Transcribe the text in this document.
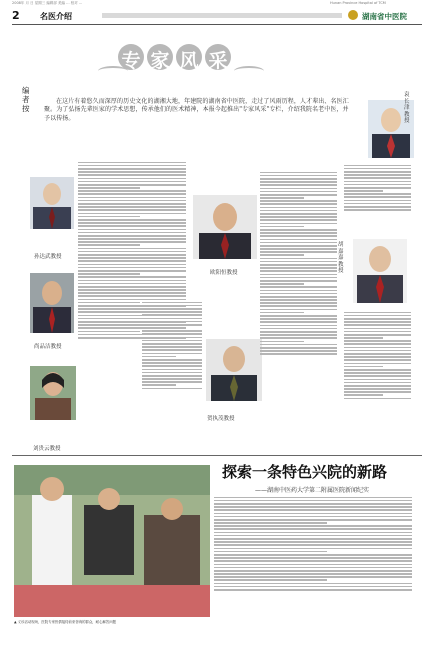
2008年 月 日 星期三 编辑部 美编 … 校对 …	Hunan Province Hospital of TCM
2	名医介绍	湖南省中医院
专 家 风 采
编者按
在这片有着悠久而深厚的历史文化的湖湘大地，年建院的湖南省中医院，走过了风雨历程，人才辈出、名医汇聚。为了弘扬先辈医家的学术思想，传承他们的医术精神，本报今起推出"专家风采"专栏，介绍我院名老中医，并予以传扬。
孙达武教授
尚品洁教授
刘贵云教授
欧阳恒教授
贺执茂教授
胡嘉嘉教授
袁长津教授
探索一条特色兴院的新路
——湖南中医药大学第二附属医院新闻纪实
▲ 义诊活动现场，医院专家热情接待前来咨询的群众，耐心解答问题
